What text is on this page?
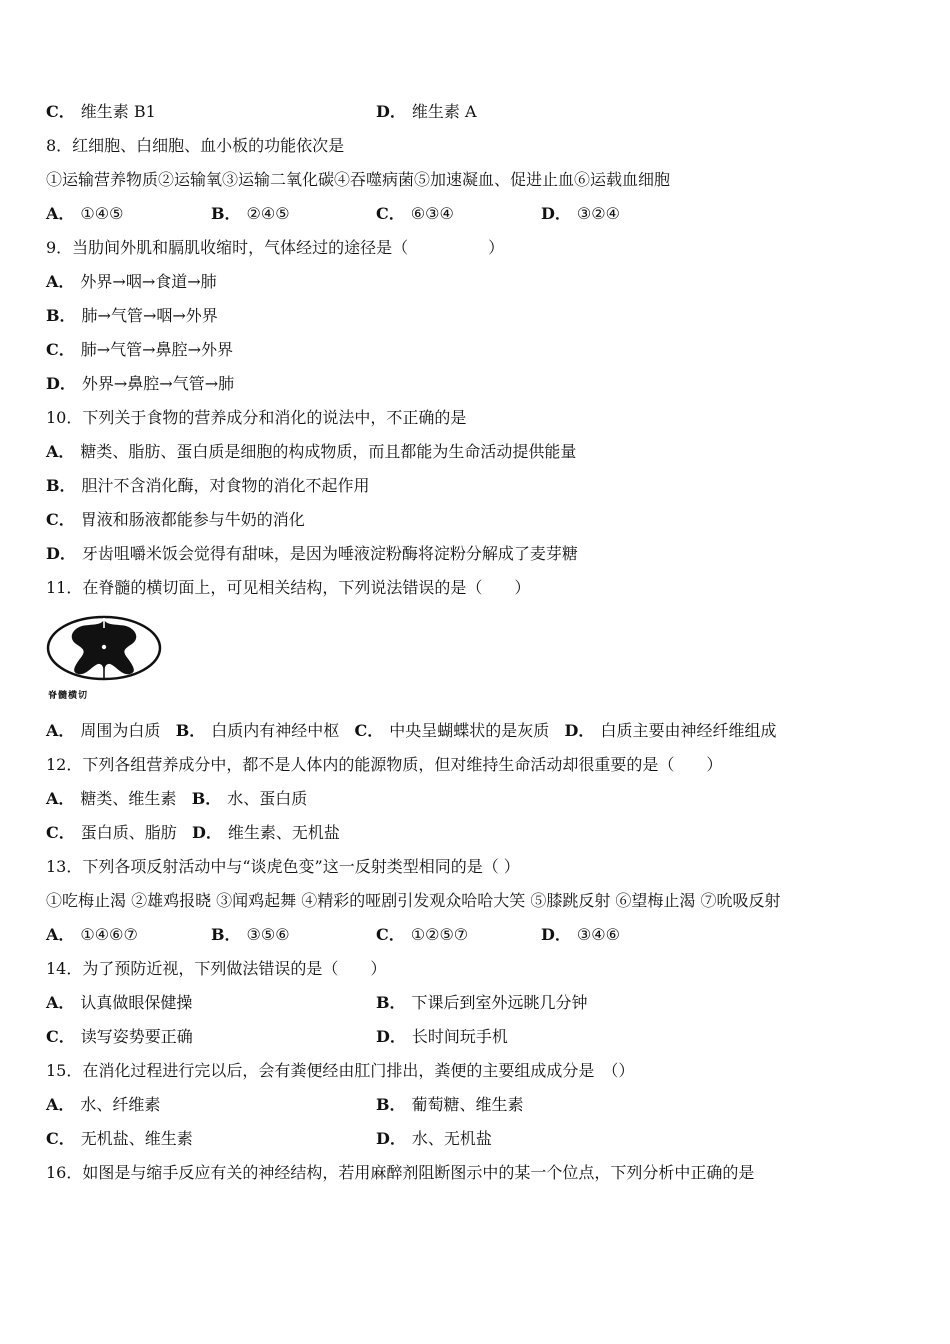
C． 维生素 B1	D． 维生素 A
8．红细胞、白细胞、血小板的功能依次是
①运输营养物质②运输氧③运输二氧化碳④吞噬病菌⑤加速凝血、促进止血⑥运载血细胞
A． ①④⑤	B． ②④⑤	C． ⑥③④	D． ③②④
9．当肋间外肌和膈肌收缩时，气体经过的途径是（　　　　　）
A． 外界→咽→食道→肺
B． 肺→气管→咽→外界
C． 肺→气管→鼻腔→外界
D． 外界→鼻腔→气管→肺
10．下列关于食物的营养成分和消化的说法中，不正确的是
A． 糖类、脂肪、蛋白质是细胞的构成物质，而且都能为生命活动提供能量
B． 胆汁不含消化酶，对食物的消化不起作用
C． 胃液和肠液都能参与牛奶的消化
D． 牙齿咀嚼米饭会觉得有甜味，是因为唾液淀粉酶将淀粉分解成了麦芽糖
11．在脊髓的横切面上，可见相关结构，下列说法错误的是（　　）
脊髓横切
A． 周围为白质 B． 白质内有神经中枢 C． 中央呈蝴蝶状的是灰质 D． 白质主要由神经纤维组成
12．下列各组营养成分中，都不是人体内的能源物质，但对维持生命活动却很重要的是（　　）
A． 糖类、维生素 B． 水、蛋白质
C． 蛋白质、脂肪 D． 维生素、无机盐
13．下列各项反射活动中与“谈虎色变”这一反射类型相同的是（ ）
①吃梅止渴 ②雄鸡报晓 ③闻鸡起舞 ④精彩的哑剧引发观众哈哈大笑 ⑤膝跳反射 ⑥望梅止渴 ⑦吮吸反射
A． ①④⑥⑦	B． ③⑤⑥	C． ①②⑤⑦	D． ③④⑥
14．为了预防近视，下列做法错误的是（　　）
A． 认真做眼保健操	B． 下课后到室外远眺几分钟
C． 读写姿势要正确	D． 长时间玩手机
15．在消化过程进行完以后，会有粪便经由肛门排出，粪便的主要组成成分是　（）
A． 水、纤维素	B． 葡萄糖、维生素
C． 无机盐、维生素	D． 水、无机盐
16．如图是与缩手反应有关的神经结构，若用麻醉剂阻断图示中的某一个位点，下列分析中正确的是
